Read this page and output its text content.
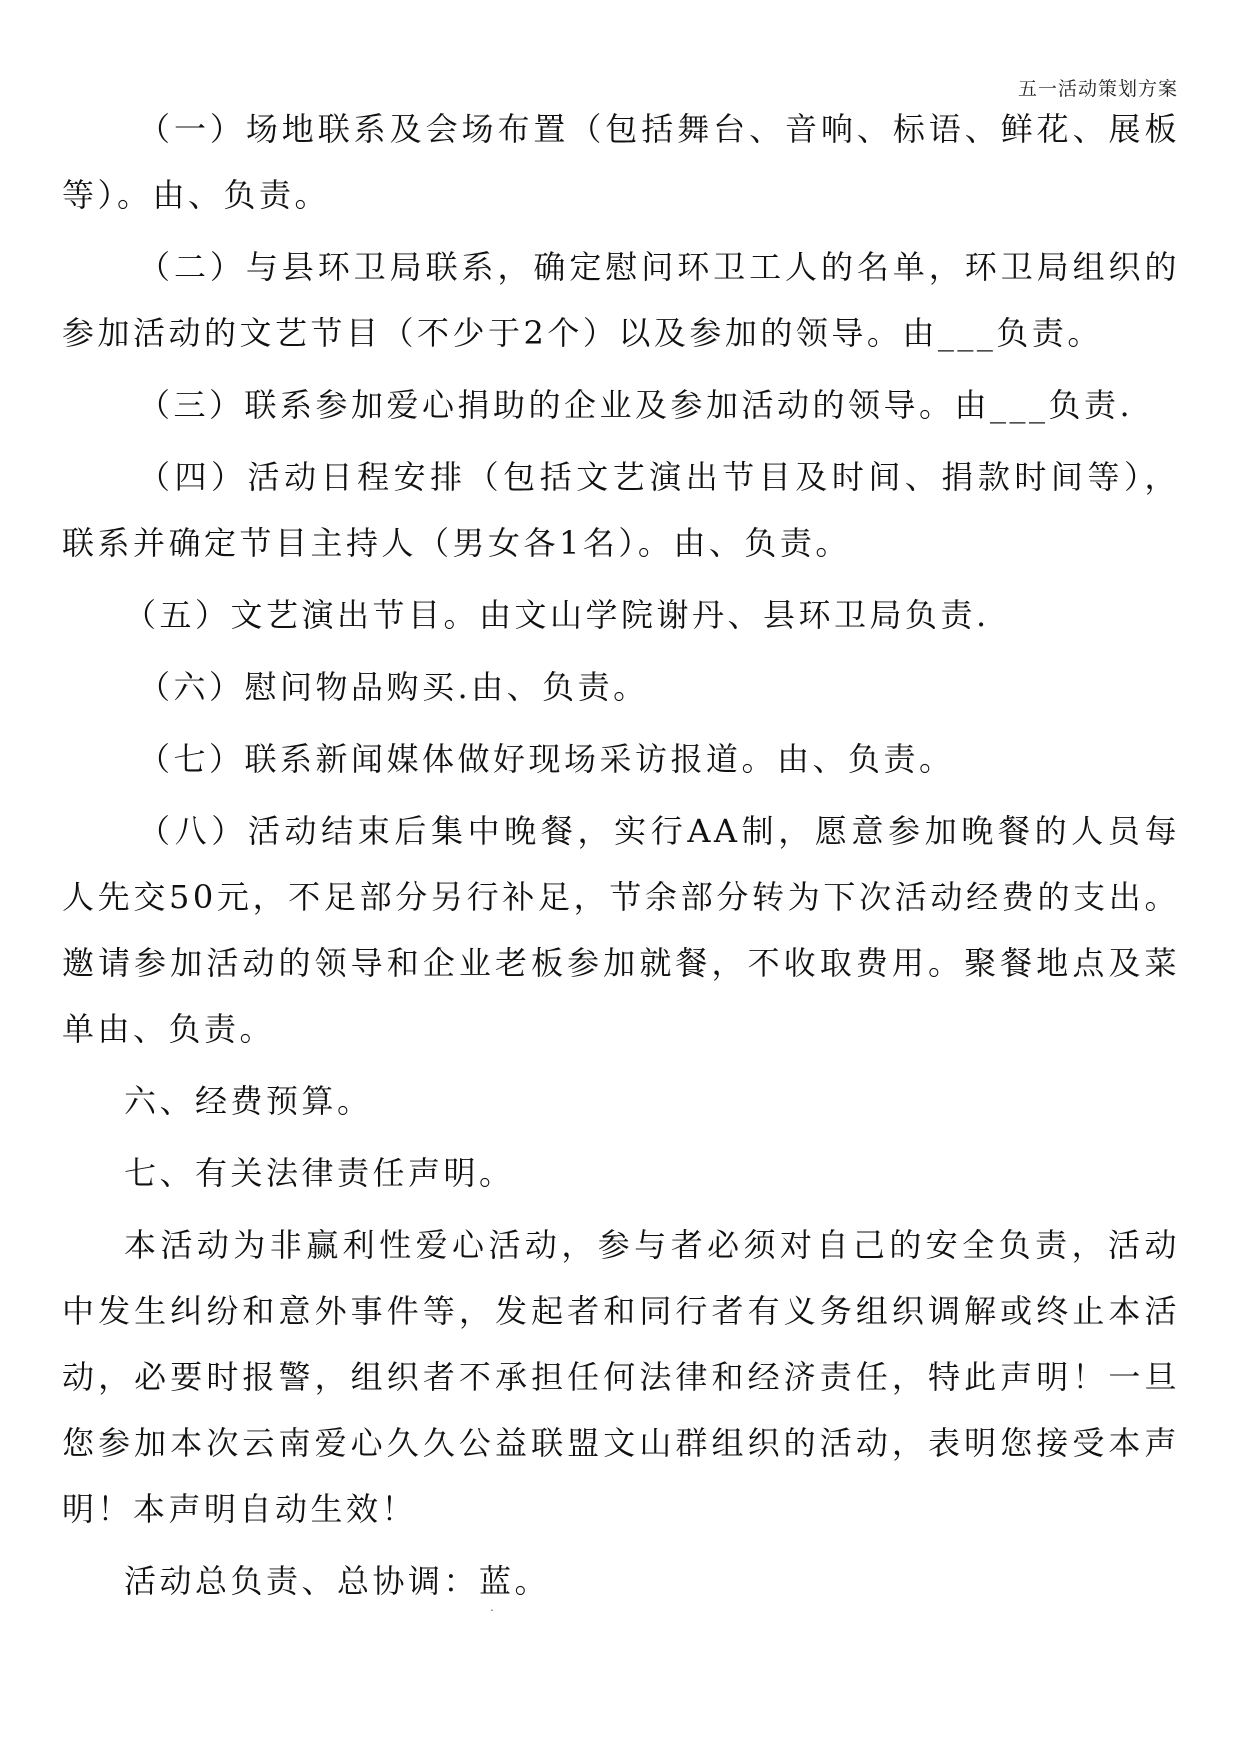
五一活动策划方案

（一）场地联系及会场布置（包括舞台、音响、标语、鲜花、展板等）。由、负责。

（二）与县环卫局联系，确定慰问环卫工人的名单，环卫局组织的参加活动的文艺节目（不少于2个）以及参加的领导。由___负责。

（三）联系参加爱心捐助的企业及参加活动的领导。由___负责.

（四）活动日程安排（包括文艺演出节目及时间、捐款时间等），联系并确定节目主持人（男女各1名）。由、负责。

（五）文艺演出节目。由文山学院谢丹、县环卫局负责.

（六）慰问物品购买.由、负责。

（七）联系新闻媒体做好现场采访报道。由、负责。

（八）活动结束后集中晚餐，实行AA制，愿意参加晚餐的人员每人先交50元，不足部分另行补足，节余部分转为下次活动经费的支出。邀请参加活动的领导和企业老板参加就餐，不收取费用。聚餐地点及菜单由、负责。

六、经费预算。

七、有关法律责任声明。

本活动为非赢利性爱心活动，参与者必须对自己的安全负责，活动中发生纠纷和意外事件等，发起者和同行者有义务组织调解或终止本活动，必要时报警，组织者不承担任何法律和经济责任，特此声明！一旦您参加本次云南爱心久久公益联盟文山群组织的活动，表明您接受本声明！本声明自动生效！

活动总负责、总协调：蓝。

.
